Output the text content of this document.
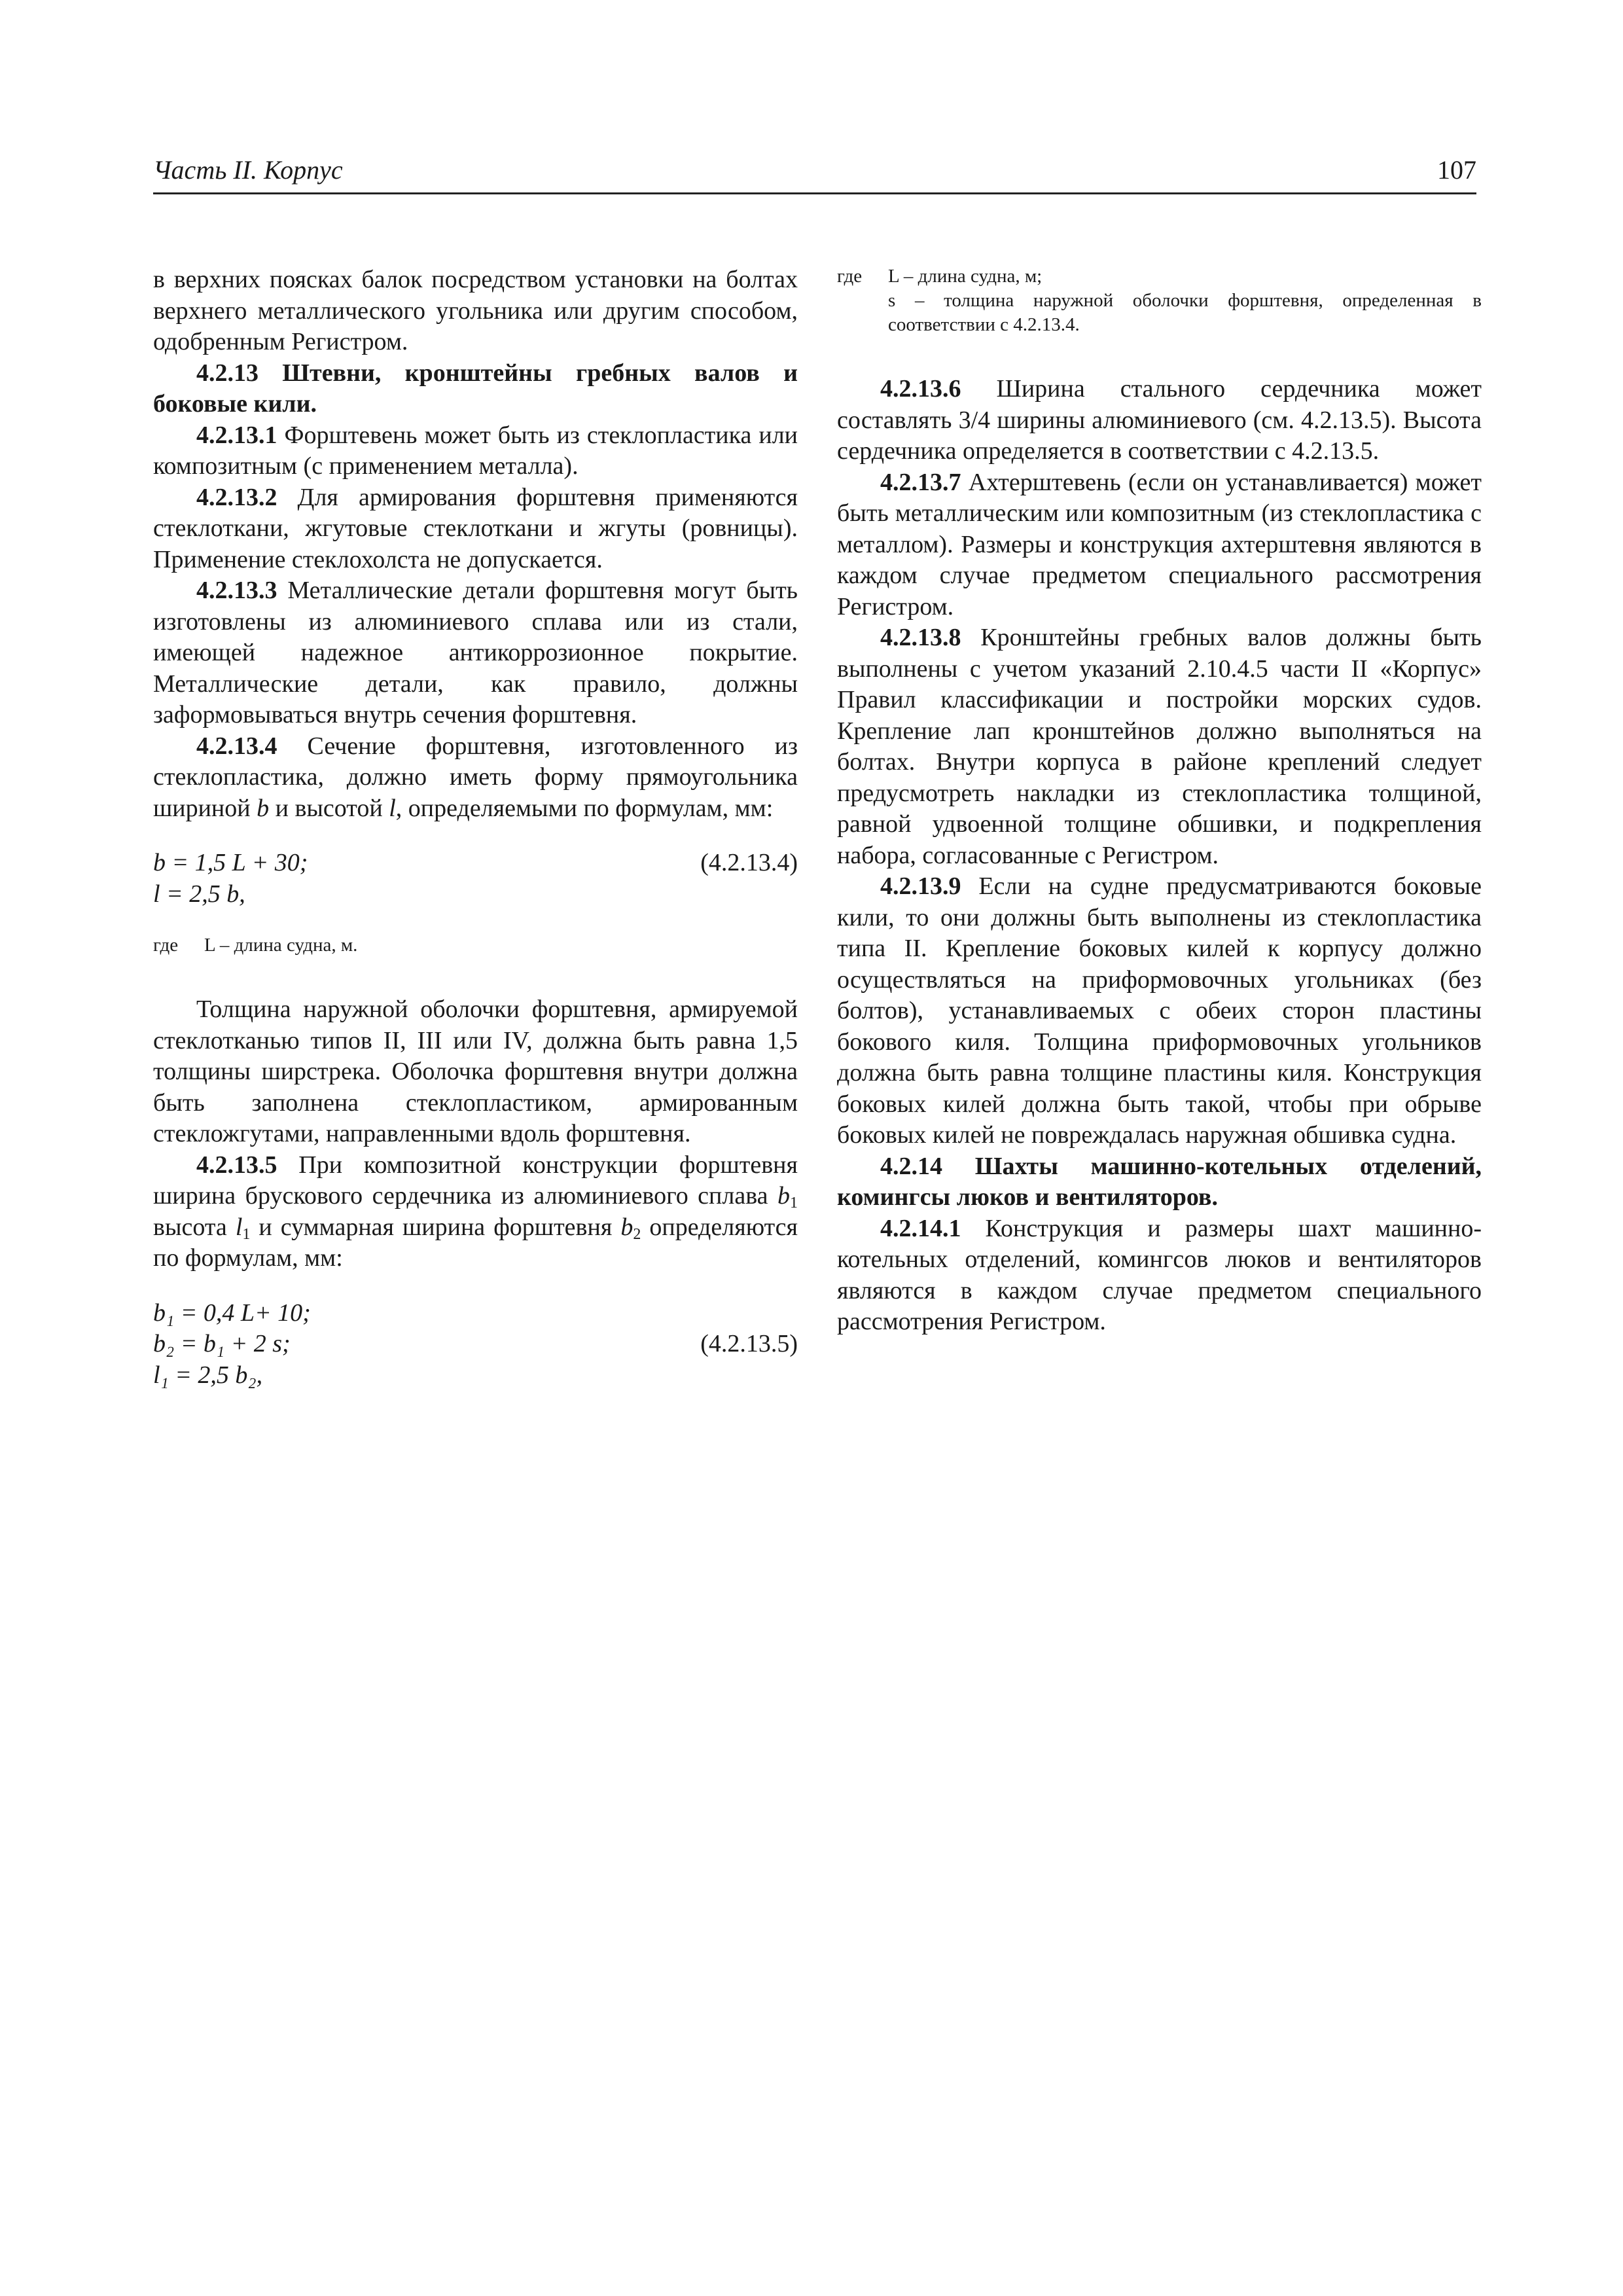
Часть II. Корпус	107

в верхних поясках балок посредством установки на болтах верхнего металлического угольника или другим способом, одобренным Регистром.

4.2.13 Штевни, кронштейны гребных валов и боковые кили.

4.2.13.1 Форштевень может быть из стеклопластика или композитным (с применением металла).

4.2.13.2 Для армирования форштевня применяются стеклоткани, жгутовые стеклоткани и жгуты (ровницы). Применение стеклохолста не допускается.

4.2.13.3 Металлические детали форштевня могут быть изготовлены из алюминиевого сплава или из стали, имеющей надежное антикоррозионное покрытие. Металлические детали, как правило, должны заформовываться внутрь сечения форштевня.

4.2.13.4 Сечение форштевня, изготовленного из стеклопластика, должно иметь форму прямоугольника шириной b и высотой l, определяемыми по формулам, мм:

b = 1,5 L + 30;	(4.2.13.4)
l = 2,5 b,
где	L – длина судна, м.

Толщина наружной оболочки форштевня, армируемой стеклотканью типов II, III или IV, должна быть равна 1,5 толщины ширстрека. Оболочка форштевня внутри должна быть заполнена стеклопластиком, армированным стекложгутами, направленными вдоль форштевня.

4.2.13.5 При композитной конструкции форштевня ширина брускового сердечника из алюминиевого сплава $b_1$ высота $l_1$ и суммарная ширина форштевня $b_2$ определяются по формулам, мм:

b₁ = 0,4 L+ 10;
b₂ = b₁ + 2 s;	(4.2.13.5)
l₁ = 2,5 b₂,
где	L – длина судна, м;
s – толщина наружной оболочки форштевня, определенная в соответствии с 4.2.13.4.

4.2.13.6 Ширина стального сердечника может составлять 3/4 ширины алюминиевого (см. 4.2.13.5). Высота сердечника определяется в соответствии с 4.2.13.5.

4.2.13.7 Ахтерштевень (если он устанавливается) может быть металлическим или композитным (из стеклопластика с металлом). Размеры и конструкция ахтерштевня являются в каждом случае предметом специального рассмотрения Регистром.

4.2.13.8 Кронштейны гребных валов должны быть выполнены с учетом указаний 2.10.4.5 части II «Корпус» Правил классификации и постройки морских судов. Крепление лап кронштейнов должно выполняться на болтах. Внутри корпуса в районе креплений следует предусмотреть накладки из стеклопластика толщиной, равной удвоенной толщине обшивки, и подкрепления набора, согласованные с Регистром.

4.2.13.9 Если на судне предусматриваются боковые кили, то они должны быть выполнены из стеклопластика типа II. Крепление боковых килей к корпусу должно осуществляться на приформовочных угольниках (без болтов), устанавливаемых с обеих сторон пластины бокового киля. Толщина приформовочных угольников должна быть равна толщине пластины киля. Конструкция боковых килей должна быть такой, чтобы при обрыве боковых килей не повреждалась наружная обшивка судна.

4.2.14 Шахты машинно-котельных отделений, комингсы люков и вентиляторов.

4.2.14.1 Конструкция и размеры шахт машинно-котельных отделений, комингсов люков и вентиляторов являются в каждом случае предметом специального рассмотрения Регистром.
